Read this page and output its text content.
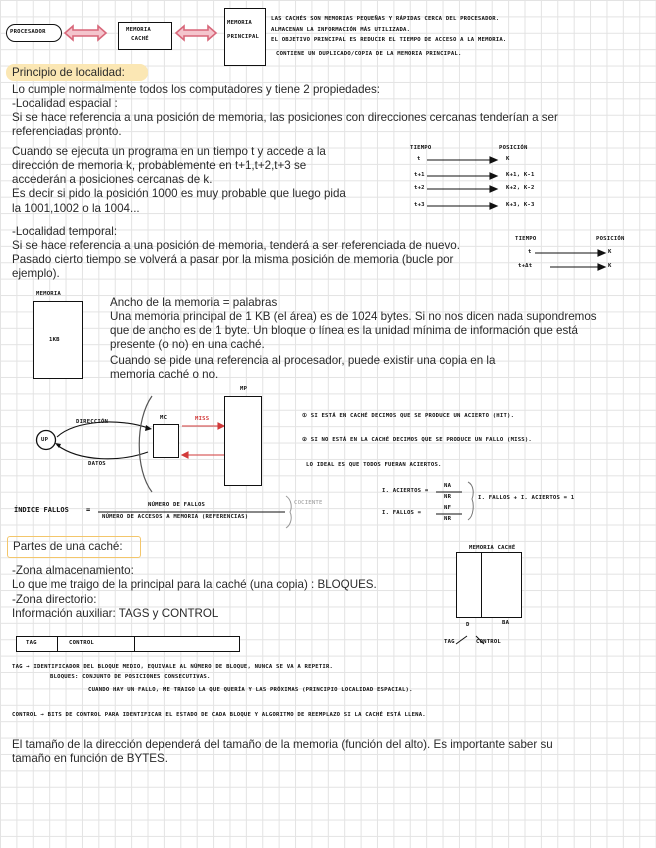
PROCESADOR	MEMORIA
CACHÉ
MEMORIA
PRINCIPAL
LAS CACHÉS SON MEMORIAS PEQUEÑAS Y RÁPIDAS CERCA DEL PROCESADOR.
ALMACENAN LA INFORMACIÓN MÁS UTILIZADA.
EL OBJETIVO PRINCIPAL ES REDUCIR EL TIEMPO DE ACCESO A LA MEMORIA.
CONTIENE UN DUPLICADO/COPIA DE LA MEMORIA PRINCIPAL.
Principio de localidad:
Lo cumple normalmente todos los computadores y tiene 2 propiedades:
-Localidad espacial :
Si se hace referencia a una posición de memoria, las posiciones con direcciones cercanas tenderían a ser
referenciadas pronto.
Cuando se ejecuta un programa en un tiempo t y accede a la
dirección de memoria k, probablemente en t+1,t+2,t+3 se
accederán a posiciones cercanas de k.
Es decir si pido la posición 1000 es muy probable que luego pida
la 1001,1002 o la 1004...
TIEMPO	POSICIÓN
t	K
t+1	K+1, K-1
t+2	K+2, K-2
t+3	K+3, K-3
-Localidad temporal:
Si se hace referencia a una posición de memoria, tenderá a ser referenciada de nuevo.
Pasado cierto tiempo se volverá a pasar por la misma posición de memoria (bucle por
ejemplo).
TIEMPO	POSICIÓN
t	K
t+Δt	K
MEMORIA
1KB
Ancho de la memoria = palabras
Una memoria principal de 1 KB (el área) es de 1024 bytes. Si no nos dicen nada supondremos
que de ancho es de 1 byte. Un bloque o línea es la unidad mínima de información que está
presente (o no) en una caché.
Cuando se pide una referencia al procesador, puede existir una copia en la
memoria caché o no.
UP
DIRECCIÓN
DATOS
MC	MISS
MP
① SI ESTÁ EN CACHÉ DECIMOS QUE SE PRODUCE UN ACIERTO (HIT).
② SI NO ESTÁ EN LA CACHÉ DECIMOS QUE SE PRODUCE UN FALLO (MISS).
LO IDEAL ES QUE TODOS FUERAN ACIERTOS.
ÍNDICE FALLOS =
NÚMERO DE FALLOS
NÚMERO DE ACCESOS A MEMORIA (REFERENCIAS)
COCIENTE
I. ACIERTOS =
NA
NR
I. FALLOS =
NF
NR
I. FALLOS + I. ACIERTOS = 1
Partes de una caché:
-Zona almacenamiento:
Lo que me traigo de la principal para la caché (una copia) : BLOQUES.
-Zona directorio:
Información auxiliar: TAGS y CONTROL
TAG	CONTROL
MEMORIA CACHÉ
D	BA
TAG	CONTROL
TAG → IDENTIFICADOR DEL BLOQUE MEDIO, EQUIVALE AL NÚMERO DE BLOQUE, NUNCA SE VA A REPETIR.
BLOQUES: CONJUNTO DE POSICIONES CONSECUTIVAS.
CUANDO HAY UN FALLO, ME TRAIGO LA QUE QUERÍA Y LAS PRÓXIMAS (PRINCIPIO LOCALIDAD ESPACIAL).
CONTROL → BITS DE CONTROL PARA IDENTIFICAR EL ESTADO DE CADA BLOQUE Y ALGORITMO DE REEMPLAZO SI LA CACHÉ ESTÁ LLENA.
El tamaño de la dirección dependerá del tamaño de la memoria (función del alto). Es importante saber su
tamaño en función de BYTES.
